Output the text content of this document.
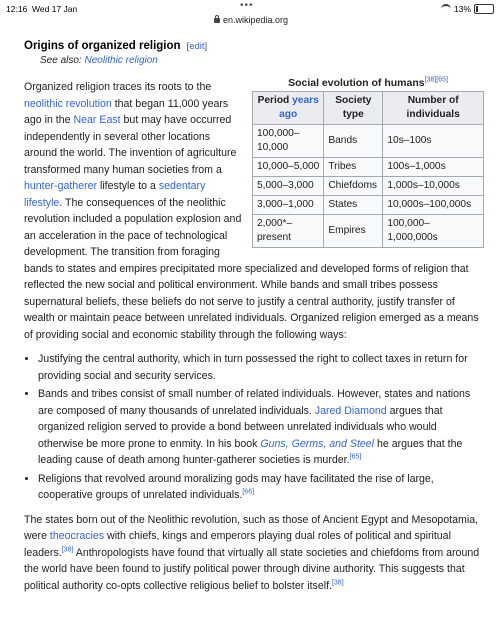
12:16 Wed 17 Jan	•••
en.wikipedia.org
13%
Origins of organized religion [edit]
See also: Neolithic religion
Social evolution of humans[38][65]
Period years ago	Society type	Number of individuals
100,000–10,000	Bands	10s–100s
10,000–5,000	Tribes	100s–1,000s
5,000–3,000	Chiefdoms	1,000s–10,000s
3,000–1,000	States	10,000s–100,000s
2,000*–present	Empires	100,000–1,000,000s

Organized religion traces its roots to the neolithic revolution that began 11,000 years ago in the Near East but may have occurred independently in several other locations around the world. The invention of agriculture transformed many human societies from a hunter-gatherer lifestyle to a sedentary lifestyle. The consequences of the neolithic revolution included a population explosion and an acceleration in the pace of technological development. The transition from foraging bands to states and empires precipitated more specialized and developed forms of religion that reflected the new social and political environment. While bands and small tribes possess supernatural beliefs, these beliefs do not serve to justify a central authority, justify transfer of wealth or maintain peace between unrelated individuals. Organized religion emerged as a means of providing social and economic stability through the following ways:

• Justifying the central authority, which in turn possessed the right to collect taxes in return for providing social and security services.
• Bands and tribes consist of small number of related individuals. However, states and nations are composed of many thousands of unrelated individuals. Jared Diamond argues that organized religion served to provide a bond between unrelated individuals who would otherwise be more prone to enmity. In his book Guns, Germs, and Steel he argues that the leading cause of death among hunter-gatherer societies is murder.[65]
• Religions that revolved around moralizing gods may have facilitated the rise of large, cooperative groups of unrelated individuals.[66]

The states born out of the Neolithic revolution, such as those of Ancient Egypt and Mesopotamia, were theocracies with chiefs, kings and emperors playing dual roles of political and spiritual leaders.[38] Anthropologists have found that virtually all state societies and chiefdoms from around the world have been found to justify political power through divine authority. This suggests that political authority co-opts collective religious belief to bolster itself.[38]
